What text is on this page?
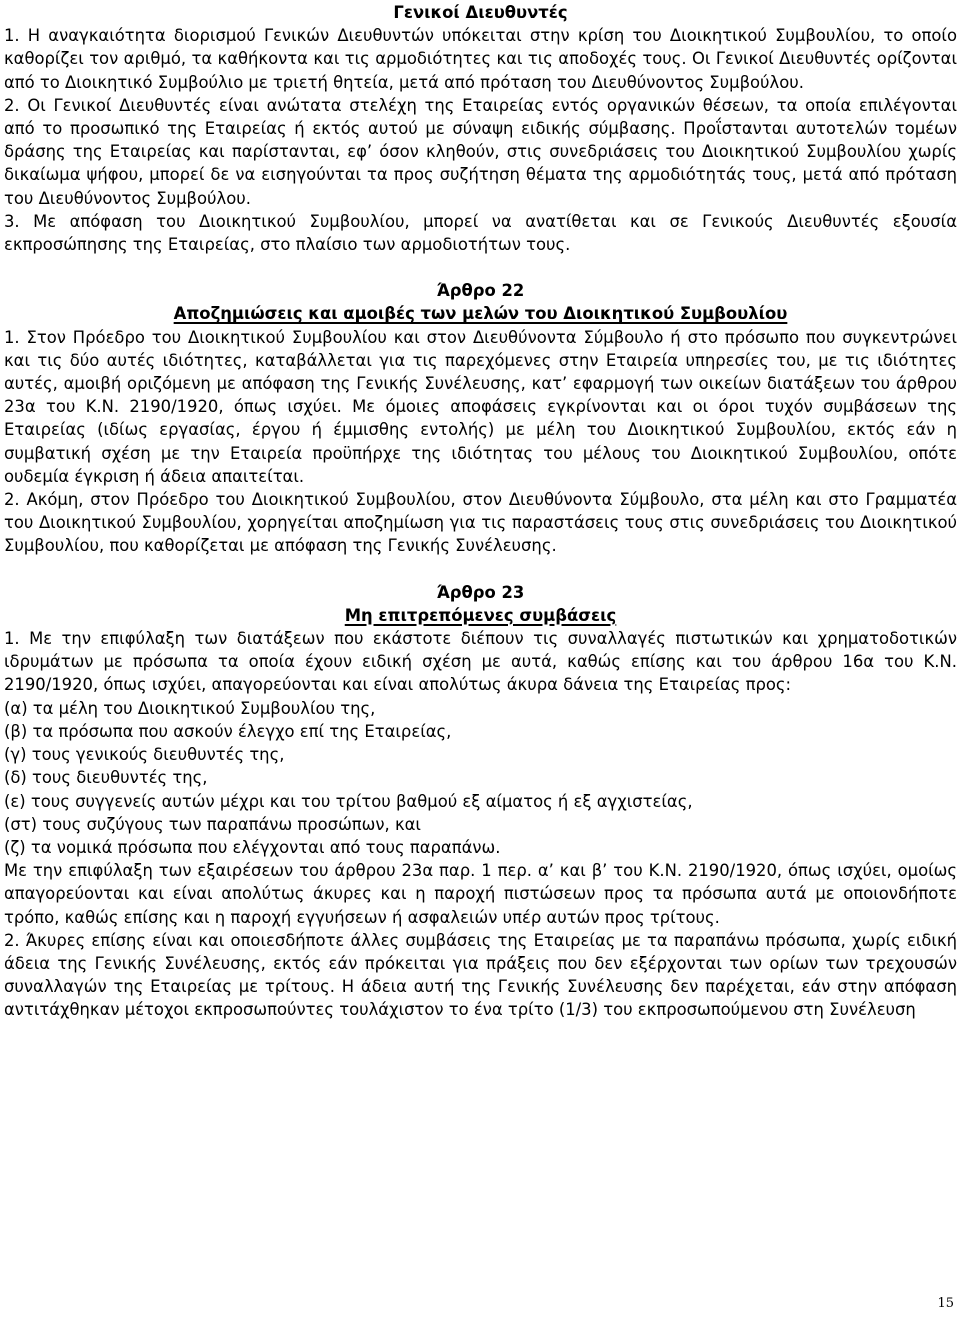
Γενικοί Διευθυντές

1. Η αναγκαιότητα διορισμού Γενικών Διευθυντών υπόκειται στην κρίση του Διοικητικού Συμβουλίου, το οποίο καθορίζει τον αριθμό, τα καθήκοντα και τις αρμοδιότητες και τις αποδοχές τους. Οι Γενικοί Διευθυντές ορίζονται από το Διοικητικό Συμβούλιο με τριετή θητεία, μετά από πρόταση του Διευθύνοντος Συμβούλου.

2. Οι Γενικοί Διευθυντές είναι ανώτατα στελέχη της Εταιρείας εντός οργανικών θέσεων, τα οποία επιλέγονται από το προσωπικό της Εταιρείας ή εκτός αυτού με σύναψη ειδικής σύμβασης. Προΐστανται αυτοτελών τομέων δράσης της Εταιρείας και παρίστανται, εφ’ όσον κληθούν, στις συνεδριάσεις του Διοικητικού Συμβουλίου χωρίς δικαίωμα ψήφου, μπορεί δε να εισηγούνται τα προς συζήτηση θέματα της αρμοδιότητάς τους, μετά από πρόταση του Διευθύνοντος Συμβούλου.

3. Με απόφαση του Διοικητικού Συμβουλίου, μπορεί να ανατίθεται και σε Γενικούς Διευθυντές εξουσία εκπροσώπησης της Εταιρείας, στο πλαίσιο των αρμοδιοτήτων τους.

Άρθρο 22
Αποζημιώσεις και αμοιβές των μελών του Διοικητικού Συμβουλίου

1. Στον Πρόεδρο του Διοικητικού Συμβουλίου και στον Διευθύνοντα Σύμβουλο ή στο πρόσωπο που συγκεντρώνει και τις δύο αυτές ιδιότητες, καταβάλλεται για τις παρεχόμενες στην Εταιρεία υπηρεσίες του, με τις ιδιότητες αυτές, αμοιβή οριζόμενη με απόφαση της Γενικής Συνέλευσης, κατ’ εφαρμογή των οικείων διατάξεων του άρθρου 23α του Κ.Ν. 2190/1920, όπως ισχύει. Με όμοιες αποφάσεις εγκρίνονται και οι όροι τυχόν συμβάσεων της Εταιρείας (ιδίως εργασίας, έργου ή έμμισθης εντολής) με μέλη του Διοικητικού Συμβουλίου, εκτός εάν η συμβατική σχέση με την Εταιρεία προϋπήρχε της ιδιότητας του μέλους του Διοικητικού Συμβουλίου, οπότε ουδεμία έγκριση ή άδεια απαιτείται.

2. Ακόμη, στον Πρόεδρο του Διοικητικού Συμβουλίου, στον Διευθύνοντα Σύμβουλο, στα μέλη και στο Γραμματέα του Διοικητικού Συμβουλίου, χορηγείται αποζημίωση για τις παραστάσεις τους στις συνεδριάσεις του Διοικητικού Συμβουλίου, που καθορίζεται με απόφαση της Γενικής Συνέλευσης.

Άρθρο 23
Μη επιτρεπόμενες συμβάσεις

1. Με την επιφύλαξη των διατάξεων που εκάστοτε διέπουν τις συναλλαγές πιστωτικών και χρηματοδοτικών ιδρυμάτων με πρόσωπα τα οποία έχουν ειδική σχέση με αυτά, καθώς επίσης και του άρθρου 16α του Κ.Ν. 2190/1920, όπως ισχύει, απαγορεύονται και είναι απολύτως άκυρα δάνεια της Εταιρείας προς:

(α) τα μέλη του Διοικητικού Συμβουλίου της,
(β) τα πρόσωπα που ασκούν έλεγχο επί της Εταιρείας,
(γ) τους γενικούς διευθυντές της,
(δ) τους διευθυντές της,
(ε) τους συγγενείς αυτών μέχρι και του τρίτου βαθμού εξ αίματος ή εξ αγχιστείας,
(στ) τους συζύγους των παραπάνω προσώπων, και
(ζ) τα νομικά πρόσωπα που ελέγχονται από τους παραπάνω.

Με την επιφύλαξη των εξαιρέσεων του άρθρου 23α παρ. 1 περ. α’ και β’ του Κ.Ν. 2190/1920, όπως ισχύει, ομοίως απαγορεύονται και είναι απολύτως άκυρες και η παροχή πιστώσεων προς τα πρόσωπα αυτά με οποιονδήποτε τρόπο, καθώς επίσης και η παροχή εγγυήσεων ή ασφαλειών υπέρ αυτών προς τρίτους.

2. Άκυρες επίσης είναι και οποιεσδήποτε άλλες συμβάσεις της Εταιρείας με τα παραπάνω πρόσωπα, χωρίς ειδική άδεια της Γενικής Συνέλευσης, εκτός εάν πρόκειται για πράξεις που δεν εξέρχονται των ορίων των τρεχουσών συναλλαγών της Εταιρείας με τρίτους. Η άδεια αυτή της Γενικής Συνέλευσης δεν παρέχεται, εάν στην απόφαση αντιτάχθηκαν μέτοχοι εκπροσωπούντες τουλάχιστον το ένα τρίτο (1/3) του εκπροσωπούμενου στη Συνέλευση

15
